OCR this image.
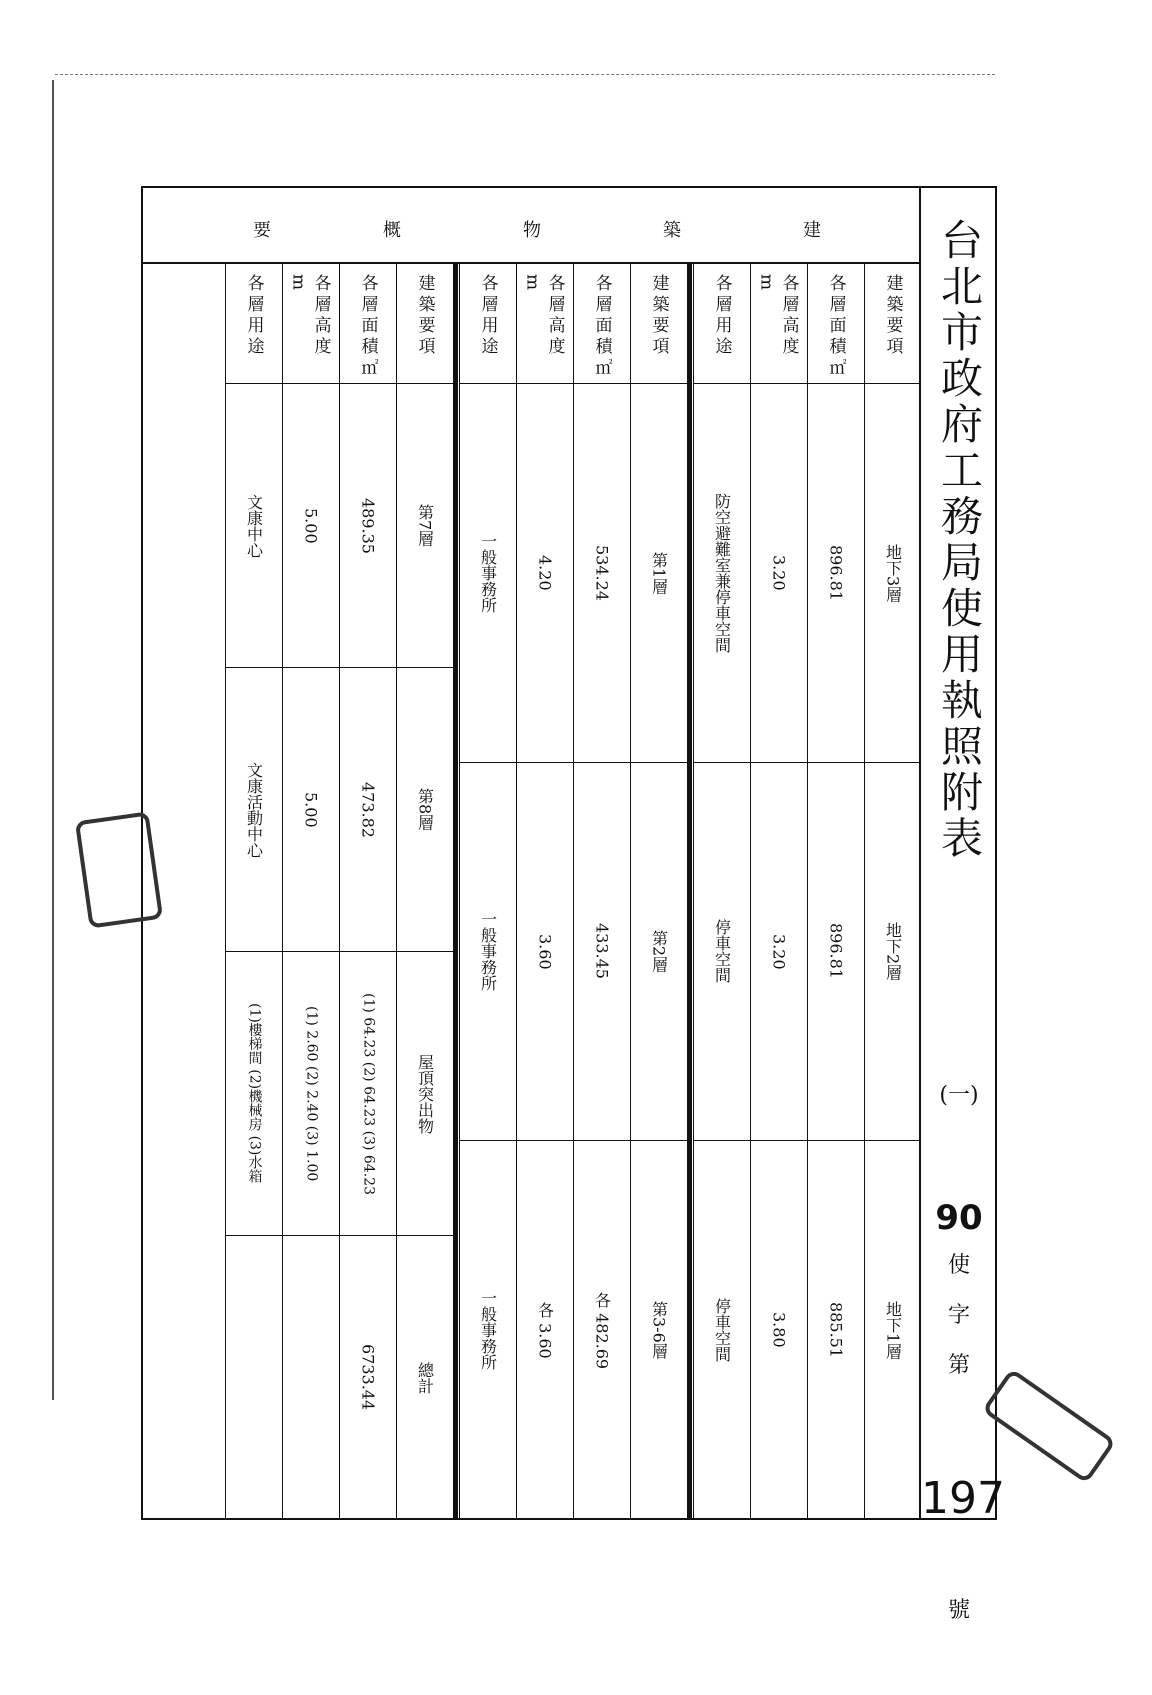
台北市政府工務局使用執照附表
(一)
90
使
字
第
197
號
建
築
物
概
要
建築要項
地下3層
地下2層
地下1層
各層面積㎡
896.81
896.81
885.51
各層高度 m
3.20
3.20
3.80
各層用途
防空避難室兼停車空間
停車空間
停車空間
建築要項
第1層
第2層
第3-6層
各層面積㎡
534.24
433.45
各 482.69
各層高度 m
4.20
3.60
各 3.60
各層用途
一般事務所
一般事務所
一般事務所
建築要項
第7層
第8層
屋頂突出物
總計
各層面積㎡
489.35
473.82
(1) 64.23 (2) 64.23 (3) 64.23
6733.44
各層高度 m
5.00
5.00
(1) 2.60 (2) 2.40 (3) 1.00
各層用途
文康中心
文康活動中心
(1)樓梯間 (2)機械房 (3)水箱
